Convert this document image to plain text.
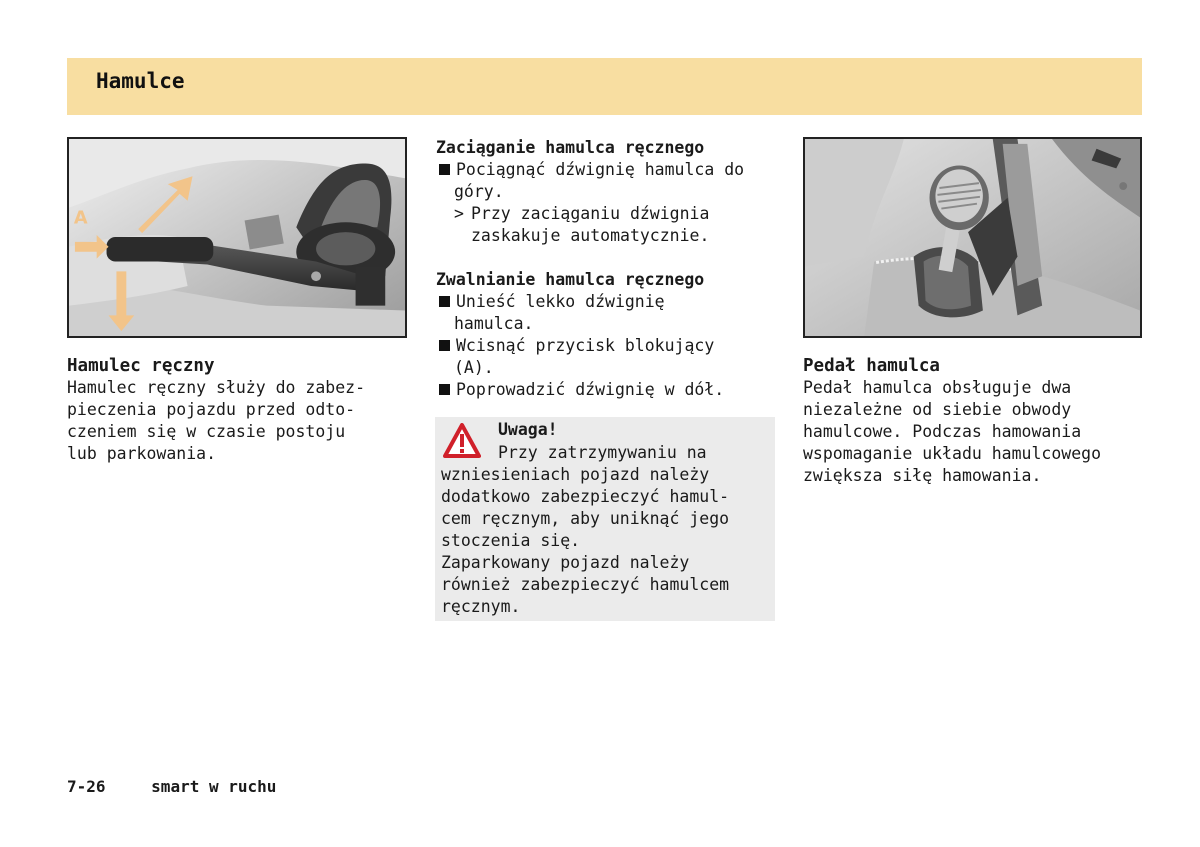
Hamulce
A
Hamulec ręczny
Hamulec ręczny służy do zabez-
pieczenia pojazdu przed odto-
czeniem się w czasie postoju
lub parkowania.
Zaciąganie hamulca ręcznego
Pociągnąć dźwignię hamulca do
góry.
> Przy zaciąganiu dźwignia
zaskakuje automatycznie.
Zwalnianie hamulca ręcznego
Unieść lekko dźwignię
hamulca.
Wcisnąć przycisk blokujący
(A).
Poprowadzić dźwignię w dół.
Uwaga!
Przy zatrzymywaniu na
wzniesieniach pojazd należy
dodatkowo zabezpieczyć hamul-
cem ręcznym, aby uniknąć jego
stoczenia się.
Zaparkowany pojazd należy
również zabezpieczyć hamulcem
ręcznym.
Pedał hamulca
Pedał hamulca obsługuje dwa
niezależne od siebie obwody
hamulcowe. Podczas hamowania
wspomaganie układu hamulcowego
zwiększa siłę hamowania.
7-26	smart w ruchu
